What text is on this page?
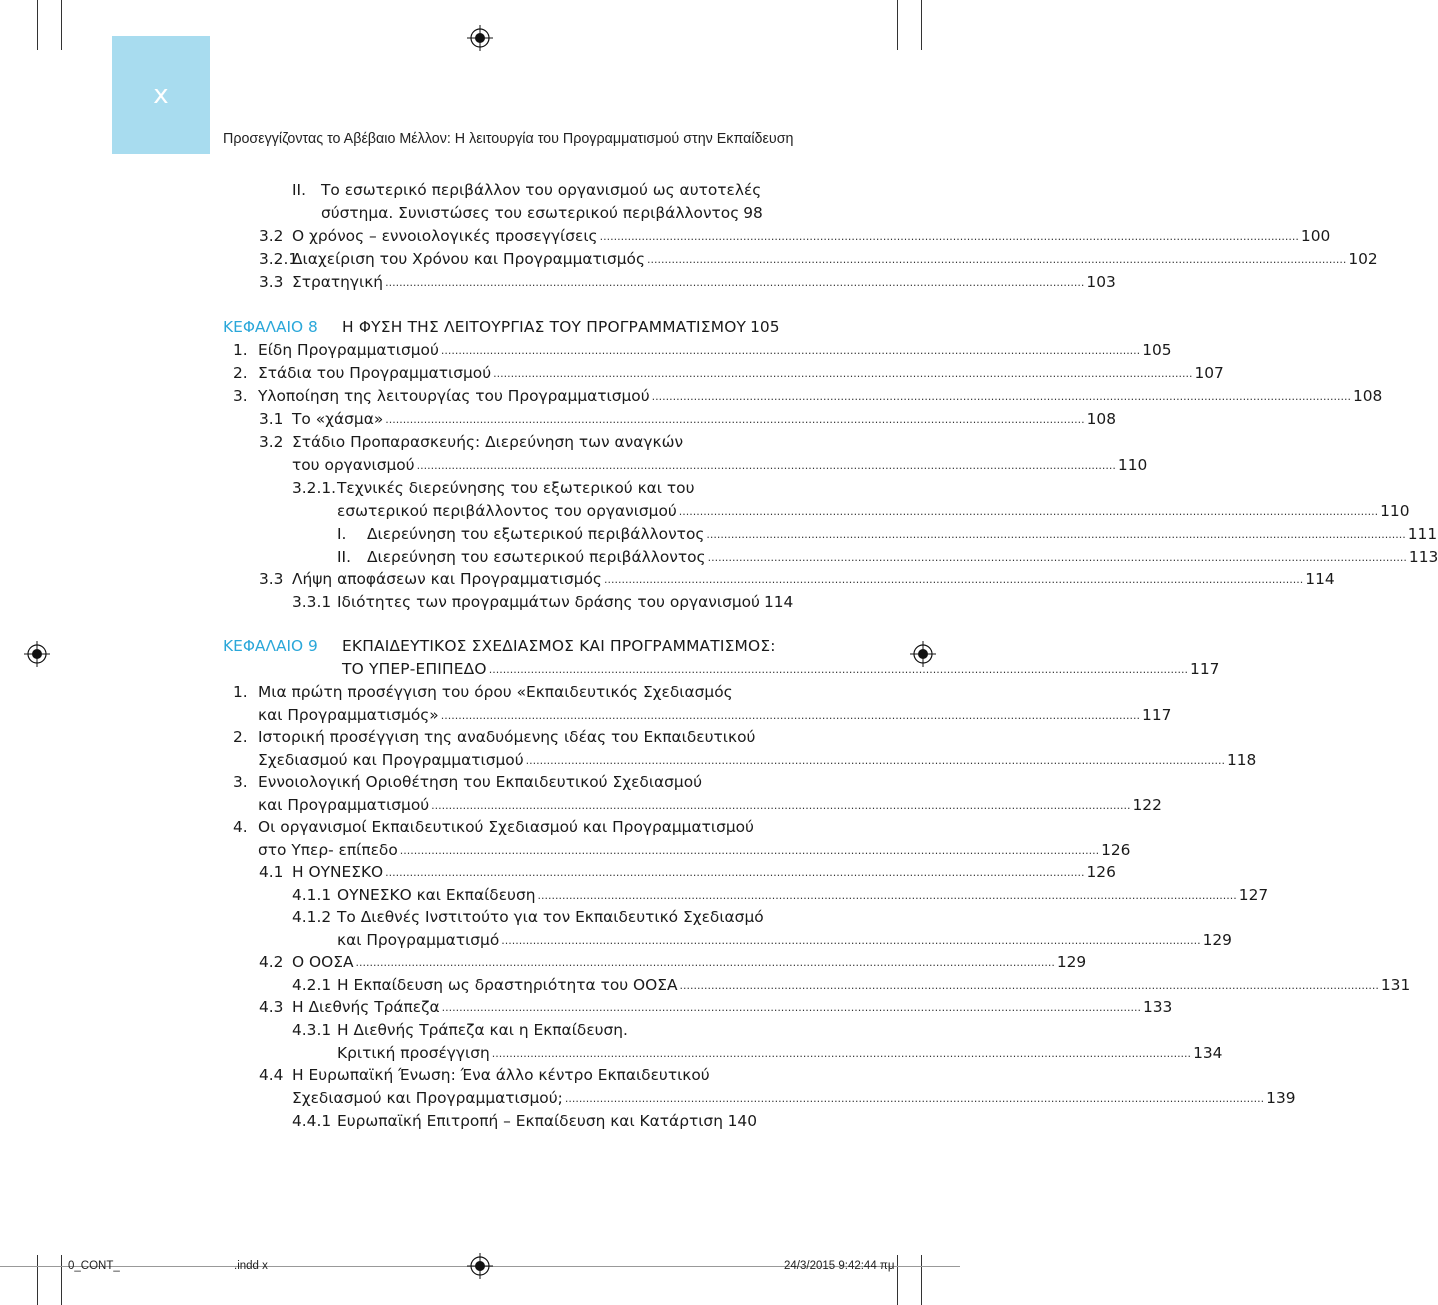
x
Προσεγγίζοντας το Αβέβαιο Μέλλον: Η λειτουργία του Προγραμματισμού στην Εκπαίδευση
II. Το εσωτερικό περιβάλλον του οργανισμού ως αυτοτελές
σύστημα. Συνιστώσες του εσωτερικού περιβάλλοντος 98
3.2 Ο χρόνος – εννοιολογικές προσεγγίσεις ........................................................................................................................................................................................................ 100
3.2.1
Διαχείριση του Χρόνου και Προγραμματισμός ........................................................................................................................................................................................................ 102
3.3 Στρατηγική ........................................................................................................................................................................................................ 103
ΚΕΦΑΛΑΙΟ 8 Η ΦΥΣΗ ΤΗΣ ΛΕΙΤΟΥΡΓΙΑΣ ΤΟΥ ΠΡΟΓΡΑΜΜΑΤΙΣΜΟΥ 105
1. Είδη Προγραμματισμού ........................................................................................................................................................................................................ 105
2. Στάδια του Προγραμματισμού ........................................................................................................................................................................................................ 107
3. Υλοποίηση της λειτουργίας του Προγραμματισμού ........................................................................................................................................................................................................ 108
3.1 Το «χάσμα» ........................................................................................................................................................................................................ 108
3.2 Στάδιο Προπαρασκευής: Διερεύνηση των αναγκών
του οργανισμού ........................................................................................................................................................................................................ 110
3.2.1. Τεχνικές διερεύνησης του εξωτερικού και του
εσωτερικού περιβάλλοντος του οργανισμού ........................................................................................................................................................................................................ 110
I. Διερεύνηση του εξωτερικού περιβάλλοντος ........................................................................................................................................................................................................ 111
II. Διερεύνηση του εσωτερικού περιβάλλοντος ........................................................................................................................................................................................................ 113
3.3 Λήψη αποφάσεων και Προγραμματισμός ........................................................................................................................................................................................................ 114
3.3.1 Ιδιότητες των προγραμμάτων δράσης του οργανισμού 114
ΚΕΦΑΛΑΙΟ 9 ΕΚΠΑΙΔΕΥΤΙΚΟΣ ΣΧΕΔΙΑΣΜΟΣ ΚΑΙ ΠΡΟΓΡΑΜΜΑΤΙΣΜΟΣ:
ΤΟ ΥΠΕΡ-ΕΠΙΠΕΔΟ ........................................................................................................................................................................................................ 117
1. Μια πρώτη προσέγγιση του όρου «Εκπαιδευτικός Σχεδιασμός
και Προγραμματισμός» ........................................................................................................................................................................................................ 117
2. Ιστορική προσέγγιση της αναδυόμενης ιδέας του Εκπαιδευτικού
Σχεδιασμού και Προγραμματισμού ........................................................................................................................................................................................................ 118
3. Εννοιολογική Οριοθέτηση του Εκπαιδευτικού Σχεδιασμού
και Προγραμματισμού ........................................................................................................................................................................................................ 122
4. Οι οργανισμοί Εκπαιδευτικού Σχεδιασμού και Προγραμματισμού
στο Υπερ- επίπεδο ........................................................................................................................................................................................................ 126
4.1 Η ΟΥΝΕΣΚΟ ........................................................................................................................................................................................................ 126
4.1.1 ΟΥΝΕΣΚΟ και Εκπαίδευση ........................................................................................................................................................................................................ 127
4.1.2 Το Διεθνές Ινστιτούτο για τον Εκπαιδευτικό Σχεδιασμό
και Προγραμματισμό ........................................................................................................................................................................................................ 129
4.2 Ο ΟΟΣΑ ........................................................................................................................................................................................................ 129
4.2.1 Η Εκπαίδευση ως δραστηριότητα του ΟΟΣΑ ........................................................................................................................................................................................................ 131
4.3 Η Διεθνής Τράπεζα ........................................................................................................................................................................................................ 133
4.3.1 Η Διεθνής Τράπεζα και η Εκπαίδευση.
Κριτική προσέγγιση ........................................................................................................................................................................................................ 134
4.4 Η Ευρωπαϊκή Ένωση: Ένα άλλο κέντρο Εκπαιδευτικού
Σχεδιασμού και Προγραμματισμού; ........................................................................................................................................................................................................ 139
4.4.1 Ευρωπαϊκή Επιτροπή – Εκπαίδευση και Κατάρτιση 140
0_CONT_	.indd x	24/3/2015 9:42:44 πμ
